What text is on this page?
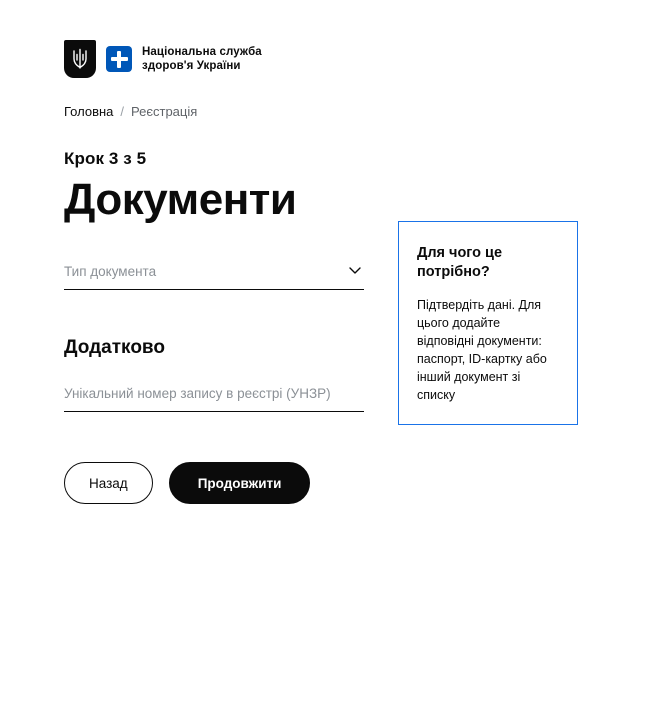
Національна служба
здоров'я України
Головна / Реєстрація
Крок 3 з 5
Документи
Тип документа
Додатково
Унікальний номер запису в реєстрі (УНЗР)
Назад	Продовжити

Для чого це потрібно?

Підтвердіть дані. Для цього додайте відповідні документи: паспорт, ID-картку або інший документ зі списку
